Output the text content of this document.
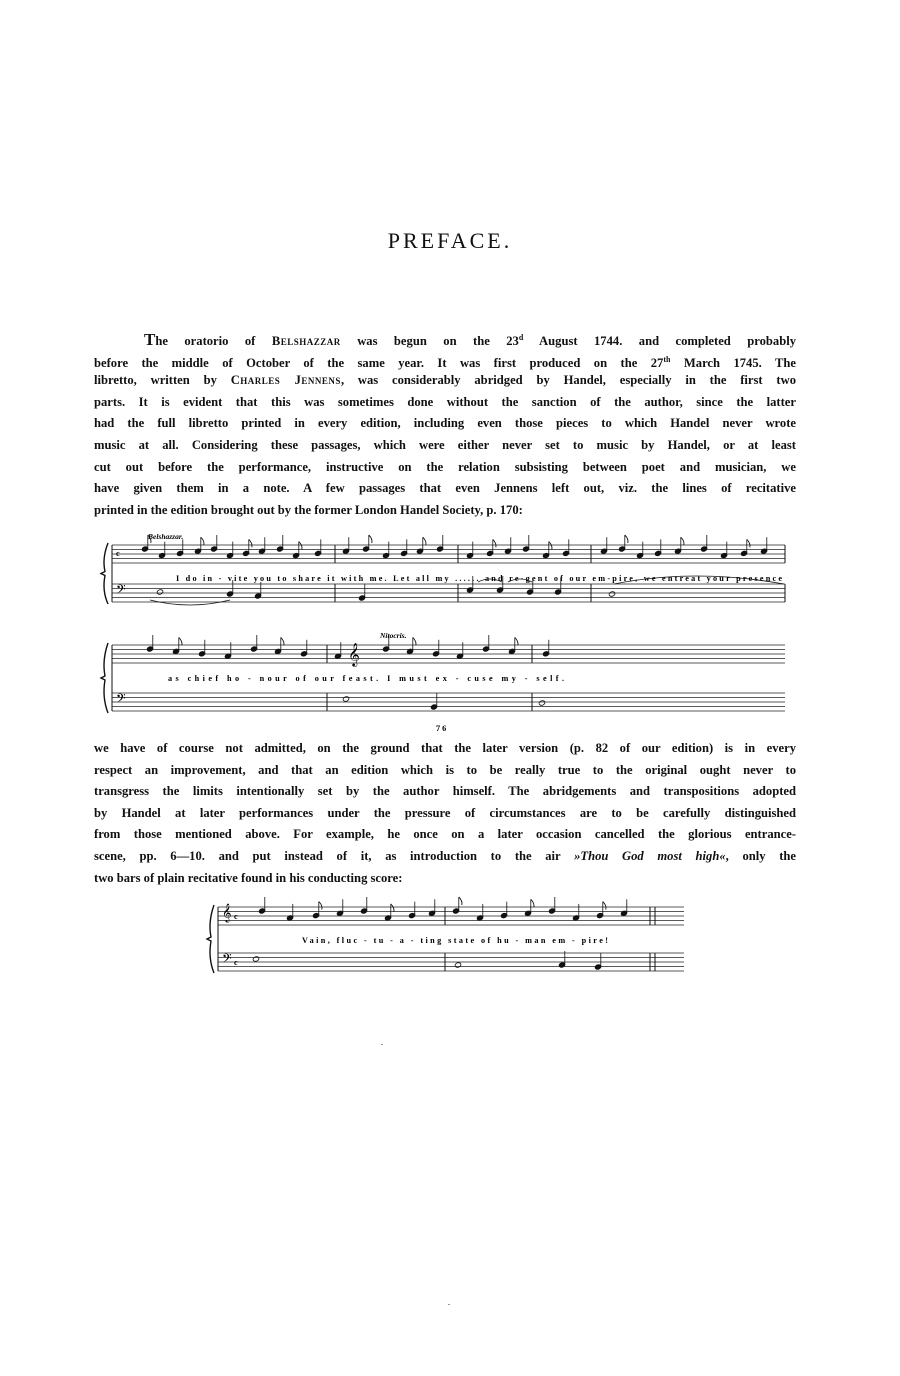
PREFACE.
The oratorio of Belshazzar was begun on the 23$^d$ August 1744. and completed probably
before the middle of October of the same year. It was first produced on the 27th March 1745. The
libretto, written by Charles Jennens, was considerably abridged by Handel, especially in the first two
parts. It is evident that this was sometimes done without the sanction of the author, since the latter
had the full libretto printed in every edition, including even those pieces to which Handel never wrote
music at all. Considering these passages, which were either never set to music by Handel, or at least
cut out before the performance, instructive on the relation subsisting between poet and musician, we
have given them in a note. A few passages that even Jennens left out, viz. the lines of recitative
printed in the edition brought out by the former London Handel Society, p. 170:
c
𝄢
Belshazzar.
I do in - vite you to share it with me. Let all my ...... and re-gent of our em-pire, we entreat your presence
𝄢
𝄞
Nitocris.
as chief ho - nour of our feast. I must ex - cuse my - self.
7 6
𝄞 c
𝄢 c
Vain, fluc - tu - a - ting state of hu - man em - pire!
we have of course not admitted, on the ground that the later version (p. 82 of our edition) is in every
respect an improvement, and that an edition which is to be really true to the original ought never to
transgress the limits intentionally set by the author himself. The abridgements and transpositions adopted
by Handel at later performances under the pressure of circumstances are to be carefully distinguished
from those mentioned above. For example, he once on a later occasion cancelled the glorious entrance-
scene, pp. 6—10. and put instead of it, as introduction to the air »Thou God most high«, only the
two bars of plain recitative found in his conducting score:
